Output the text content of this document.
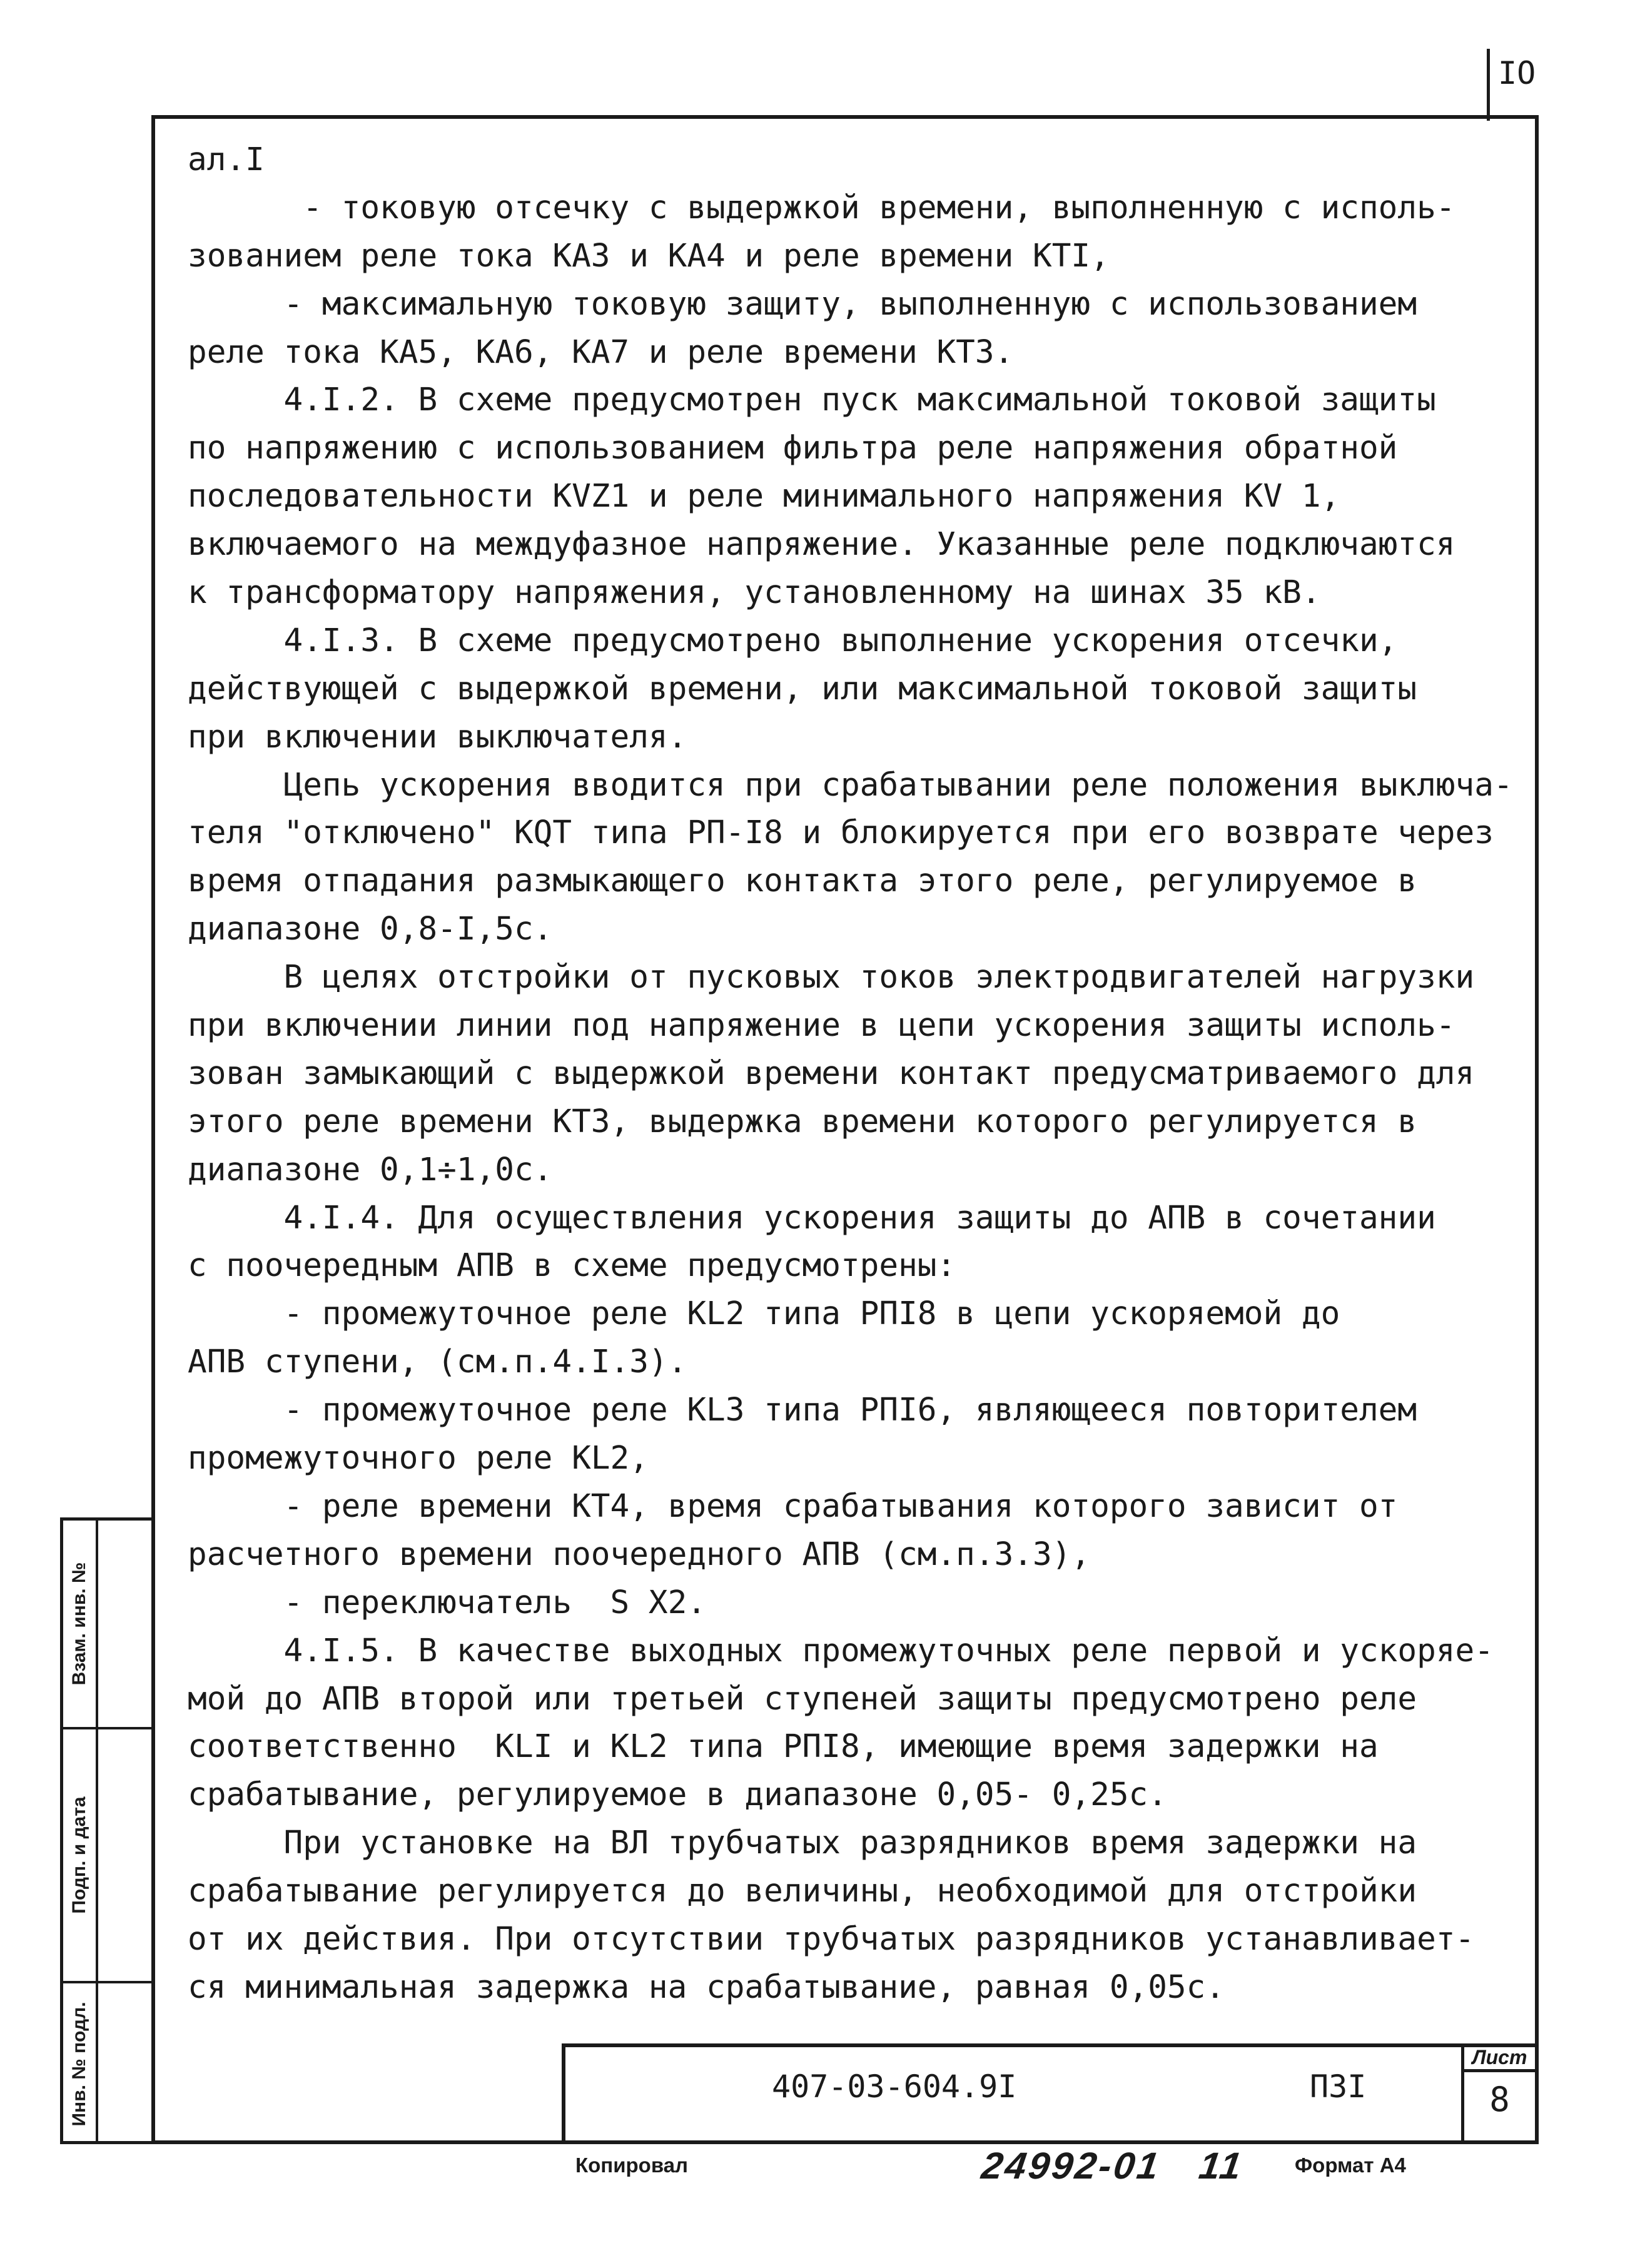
IO
ал.I
- токовую отсечку с выдержкой времени, выполненную с исполь-
зованием реле тока КА3 и КА4 и реле времени КТI,
- максимальную токовую защиту, выполненную с использованием
реле тока КА5, КА6, КА7 и реле времени КТ3.
4.I.2. В схеме предусмотрен пуск максимальной токовой защиты
по напряжению с использованием фильтра реле напряжения обратной
последовательности KVZ1 и реле минимального напряжения KV 1,
включаемого на междуфазное напряжение. Указанные реле подключаются
к трансформатору напряжения, установленному на шинах 35 кВ.
4.I.3. В схеме предусмотрено выполнение ускорения отсечки,
действующей с выдержкой времени, или максимальной токовой защиты
при включении выключателя.
Цепь ускорения вводится при срабатывании реле положения выключа-
теля "отключено" KQT типа РП-I8 и блокируется при его возврате через
время отпадания размыкающего контакта этого реле, регулируемое в
диапазоне 0,8-I,5с.
В целях отстройки от пусковых токов электродвигателей нагрузки
при включении линии под напряжение в цепи ускорения защиты исполь-
зован замыкающий с выдержкой времени контакт предусматриваемого для
этого реле времени КТ3, выдержка времени которого регулируется в
диапазоне 0,1÷1,0с.
4.I.4. Для осуществления ускорения защиты до АПВ в сочетании
с поочередным АПВ в схеме предусмотрены:
- промежуточное реле KL2 типа РПI8 в цепи ускоряемой до
АПВ ступени, (см.п.4.I.3).
- промежуточное реле KL3 типа РПI6, являющееся повторителем
промежуточного реле KL2,
- реле времени КТ4, время срабатывания которого зависит от
расчетного времени поочередного АПВ (см.п.3.3),
- переключатель  S X2.
4.I.5. В качестве выходных промежуточных реле первой и ускоряе-
мой до АПВ второй или третьей ступеней защиты предусмотрено реле
соответственно  KLI и KL2 типа РПI8, имеющие время задержки на
срабатывание, регулируемое в диапазоне 0,05- 0,25с.
При установке на ВЛ трубчатых разрядников время задержки на
срабатывание регулируется до величины, необходимой для отстройки
от их действия. При отсутствии трубчатых разрядников устанавливает-
ся минимальная задержка на срабатывание, равная 0,05с.
Взам. инв. №
Подп. и дата
Инв. № подл.	407-03-604.9I	ПЗI
Лист
8
Копировал	24992-01 11 Формат А4
